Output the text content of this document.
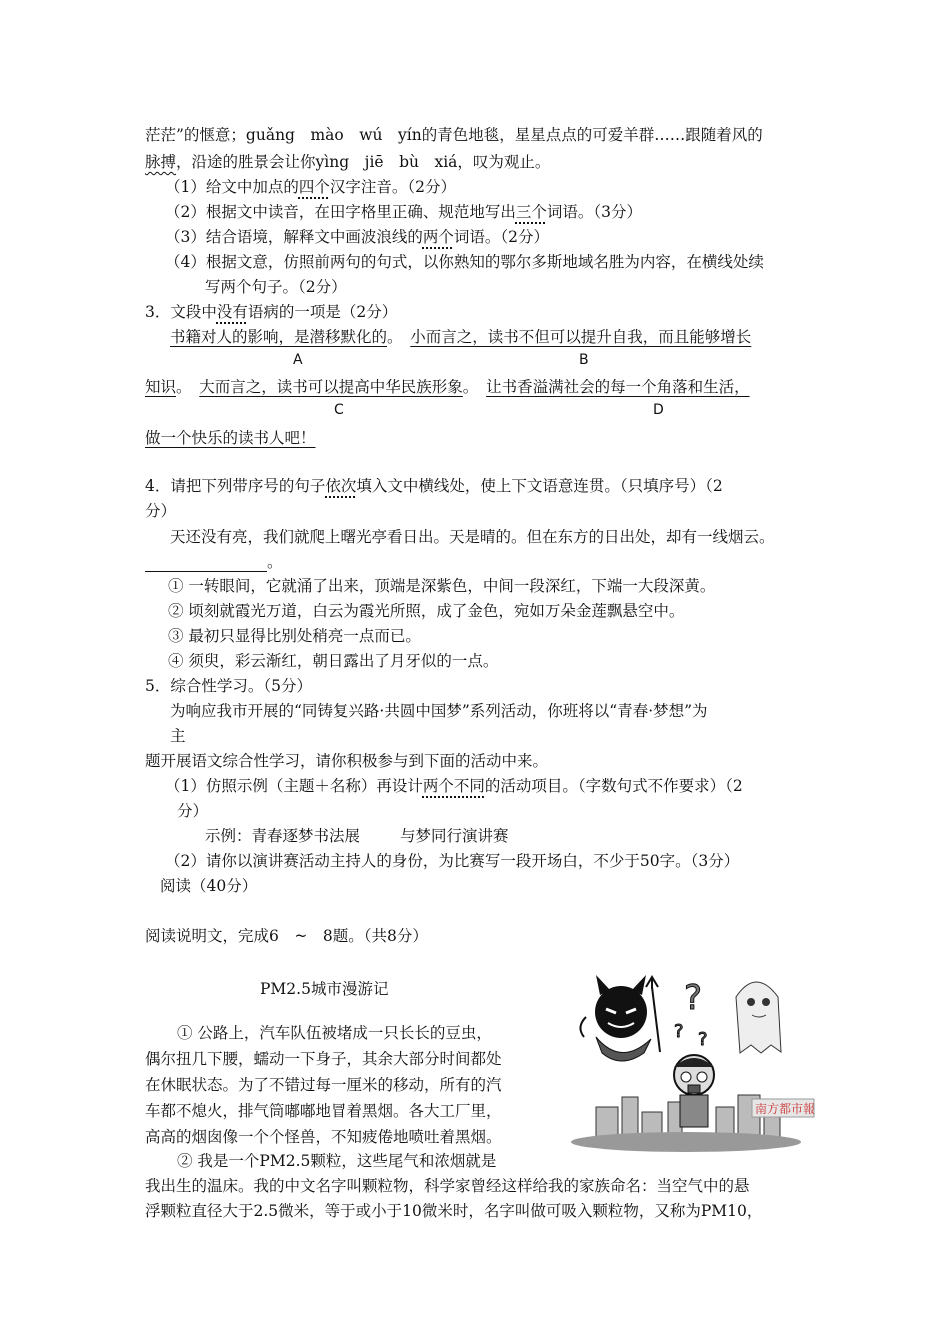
茫茫”的惬意；guǎng　mào　wú　yín的青色地毯，星星点点的可爱羊群……跟随着风的
脉搏，沿途的胜景会让你yìng　jiē　bù　xiá，叹为观止。
（1）给文中加点的四个汉字注音。（2分）
（2）根据文中读音，在田字格里正确、规范地写出三个词语。（3分）
（3）结合语境，解释文中画波浪线的两个词语。（2分）
（4）根据文意，仿照前两句的句式，以你熟知的鄂尔多斯地域名胜为内容，在横线处续
写两个句子。（2分）
3．文段中没有语病的一项是（2分）
书籍对人的影响，是潜移默化的。　小而言之，读书不但可以提升自我，而且能够增长
A	B
知识。　大而言之，读书可以提高中华民族形象。　让书香溢满社会的每一个角落和生活，
C	D
做一个快乐的读书人吧！
4．请把下列带序号的句子依次填入文中横线处，使上下文语意连贯。（只填序号）（2
分）
天还没有亮，我们就爬上曙光亭看日出。天是晴的。但在东方的日出处，却有一线烟云。
。
① 一转眼间，它就涌了出来，顶端是深紫色，中间一段深红，下端一大段深黄。
② 顷刻就霞光万道，白云为霞光所照，成了金色，宛如万朵金莲飘悬空中。
③ 最初只显得比别处稍亮一点而已。
④ 须臾，彩云渐红，朝日露出了月牙似的一点。
5．综合性学习。（5分）
为响应我市开展的“同铸复兴路·共圆中国梦”系列活动，你班将以“青春·梦想”为
主
题开展语文综合性学习，请你积极参与到下面的活动中来。
（1）仿照示例（主题＋名称）再设计两个不同的活动项目。（字数句式不作要求）（2
分）
示例：青春逐梦书法展	与梦同行演讲赛
（2）请你以演讲赛活动主持人的身份，为比赛写一段开场白，不少于50字。（3分）
阅读（40分）
阅读说明文，完成6　~　8题。（共8分）
PM2.5城市漫游记
① 公路上，汽车队伍被堵成一只长长的豆虫，
偶尔扭几下腰，蠕动一下身子，其余大部分时间都处
在休眠状态。为了不错过每一厘米的移动，所有的汽
车都不熄火，排气筒嘟嘟地冒着黑烟。各大工厂里，
高高的烟囱像一个个怪兽，不知疲倦地喷吐着黑烟。
② 我是一个PM2.5颗粒，这些尾气和浓烟就是
我出生的温床。我的中文名字叫颗粒物，科学家曾经这样给我的家族命名：当空气中的悬
浮颗粒直径大于2.5微米，等于或小于10微米时，名字叫做可吸入颗粒物，又称为PM10，
?
? ?
南方都市報
